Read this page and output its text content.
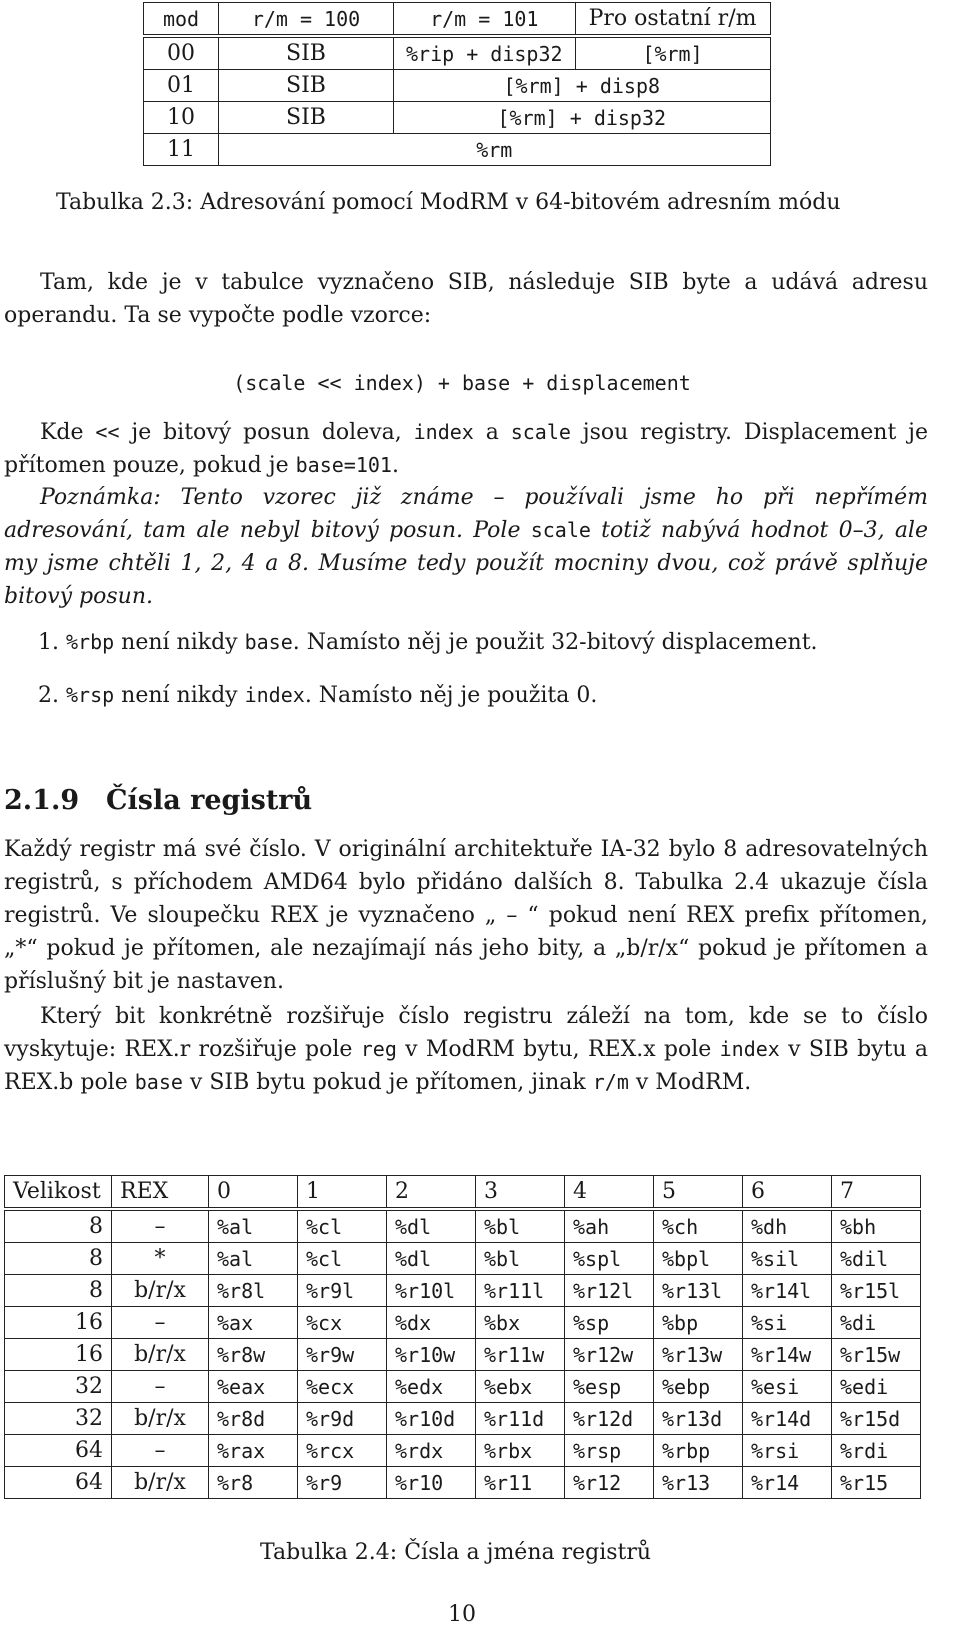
mod	r/m = 100	r/m = 101	Pro ostatní r/m
00	SIB	%rip + disp32	[%rm]
01	SIB	[%rm] + disp8	
10	SIB	[%rm] + disp32	
11	%rm		
Tabulka 2.3: Adresování pomocí ModRM v 64-bitovém adresním módu
Tam, kde je v tabulce vyznačeno SIB, následuje SIB byte a udává adresu operandu. Ta se vypočte podle vzorce:
(scale << index) + base + displacement
Kde << je bitový posun doleva, index a scale jsou registry. Displacement je přítomen pouze, pokud je base=101.
Poznámka: Tento vzorec již známe – používali jsme ho při nepřímém adresování, tam ale nebyl bitový posun. Pole scale totiž nabývá hodnot 0–3, ale my jsme chtěli 1, 2, 4 a 8. Musíme tedy použít mocniny dvou, což právě splňuje bitový posun.
1. %rbp není nikdy base. Namísto něj je použit 32-bitový displacement.
2. %rsp není nikdy index. Namísto něj je použita 0.
2.1.9 Čísla registrů
Každý registr má své číslo. V originální architektuře IA-32 bylo 8 adresovatelných registrů, s příchodem AMD64 bylo přidáno dalších 8. Tabulka 2.4 ukazuje čísla registrů. Ve sloupečku REX je vyznačeno „ – “ pokud není REX prefix přítomen, „*“ pokud je přítomen, ale nezajímají nás jeho bity, a „b/r/x“ pokud je přítomen a příslušný bit je nastaven.
Který bit konkrétně rozšiřuje číslo registru záleží na tom, kde se to číslo vyskytuje: REX.r rozšiřuje pole reg v ModRM bytu, REX.x pole index v SIB bytu a REX.b pole base v SIB bytu pokud je přítomen, jinak r/m v ModRM.
Velikost	REX	0	1	2	3	4	5	6	7
8	–	%al	%cl	%dl	%bl	%ah	%ch	%dh	%bh
8	*	%al	%cl	%dl	%bl	%spl	%bpl	%sil	%dil
8	b/r/x	%r8l	%r9l	%r10l	%r11l	%r12l	%r13l	%r14l	%r15l
16	–	%ax	%cx	%dx	%bx	%sp	%bp	%si	%di
16	b/r/x	%r8w	%r9w	%r10w	%r11w	%r12w	%r13w	%r14w	%r15w
32	–	%eax	%ecx	%edx	%ebx	%esp	%ebp	%esi	%edi
32	b/r/x	%r8d	%r9d	%r10d	%r11d	%r12d	%r13d	%r14d	%r15d
64	–	%rax	%rcx	%rdx	%rbx	%rsp	%rbp	%rsi	%rdi
64	b/r/x	%r8	%r9	%r10	%r11	%r12	%r13	%r14	%r15
Tabulka 2.4: Čísla a jména registrů
10
